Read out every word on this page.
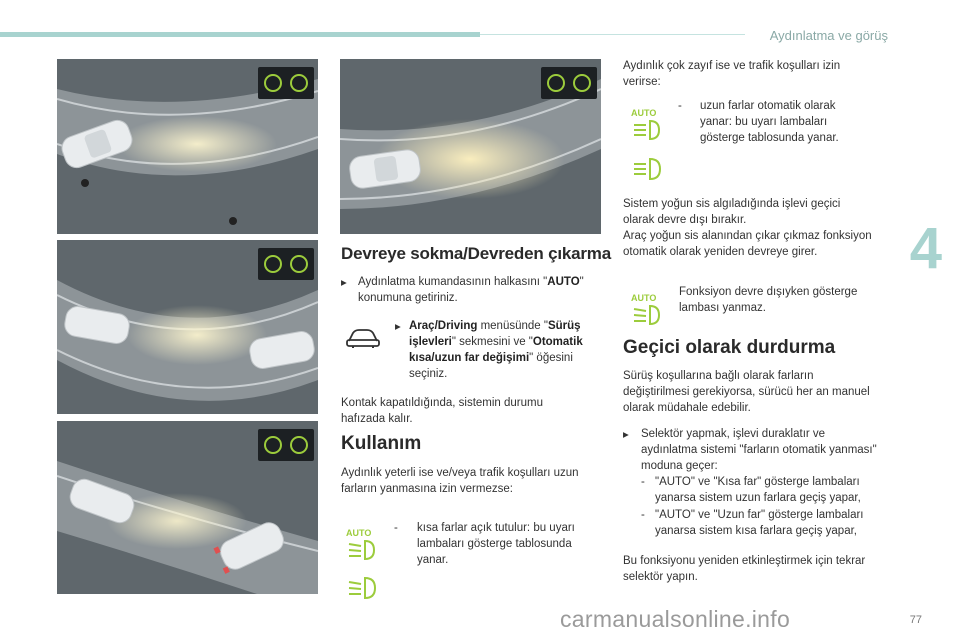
Aydınlatma ve görüş
4
Devreye sokma/Devreden çıkarma
▸ Aydınlatma kumandasının halkasını "AUTO" konumuna getiriniz.
▸ Araç/Driving menüsünde "Sürüş işlevleri" sekmesini ve "Otomatik kısa/uzun far değişimi" öğesini seçiniz.
Kontak kapatıldığında, sistemin durumu hafızada kalır.
Kullanım
Aydınlık yeterli ise ve/veya trafik koşulları uzun farların yanmasına izin vermezse:
AUTO - kısa farlar açık tutulur: bu uyarı lambaları gösterge tablosunda yanar.
Aydınlık çok zayıf ise ve trafik koşulları izin verirse:
AUTO
- uzun farlar otomatik olarak yanar: bu uyarı lambaları gösterge tablosunda yanar.
Sistem yoğun sis algıladığında işlevi geçici olarak devre dışı bırakır.
Araç yoğun sis alanından çıkar çıkmaz fonksiyon otomatik olarak yeniden devreye girer.
AUTO Fonksiyon devre dışıyken gösterge lambası yanmaz.
Geçici olarak durdurma
Sürüş koşullarına bağlı olarak farların değiştirilmesi gerekiyorsa, sürücü her an manuel olarak müdahale edebilir.
▸	Selektör yapmak, işlevi duraklatır ve aydınlatma sistemi "farların otomatik yanması" moduna geçer:
- "AUTO" ve "Kısa far" gösterge lambaları yanarsa sistem uzun farlara geçiş yapar,
- "AUTO" ve "Uzun far" gösterge lambaları yanarsa sistem kısa farlara geçiş yapar,
Bu fonksiyonu yeniden etkinleştirmek için tekrar selektör yapın.
carmanualsonline.info	77
